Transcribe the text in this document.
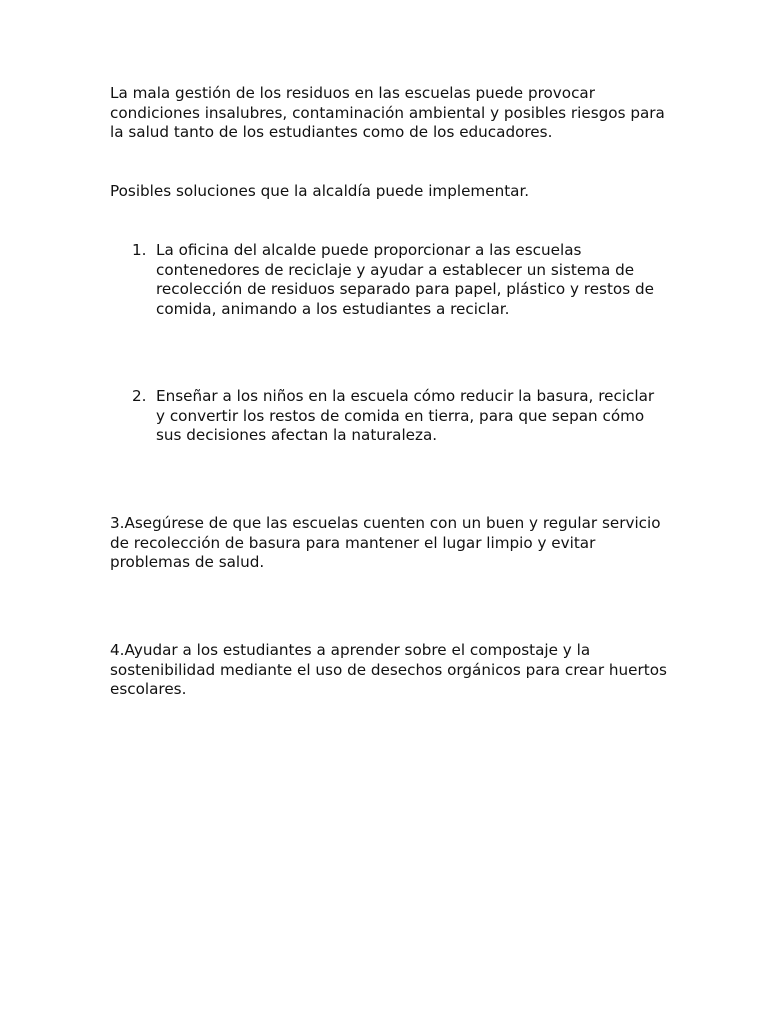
La mala gestión de los residuos en las escuelas puede provocar condiciones insalubres, contaminación ambiental y posibles riesgos para la salud tanto de los estudiantes como de los educadores.

Posibles soluciones que la alcaldía puede implementar.

1. La oficina del alcalde puede proporcionar a las escuelas contenedores de reciclaje y ayudar a establecer un sistema de recolección de residuos separado para papel, plástico y restos de comida, animando a los estudiantes a reciclar.
2. Enseñar a los niños en la escuela cómo reducir la basura, reciclar y convertir los restos de comida en tierra, para que sepan cómo sus decisiones afectan la naturaleza.

3.Asegúrese de que las escuelas cuenten con un buen y regular servicio de recolección de basura para mantener el lugar limpio y evitar problemas de salud.

4.Ayudar a los estudiantes a aprender sobre el compostaje y la sostenibilidad mediante el uso de desechos orgánicos para crear huertos escolares.
